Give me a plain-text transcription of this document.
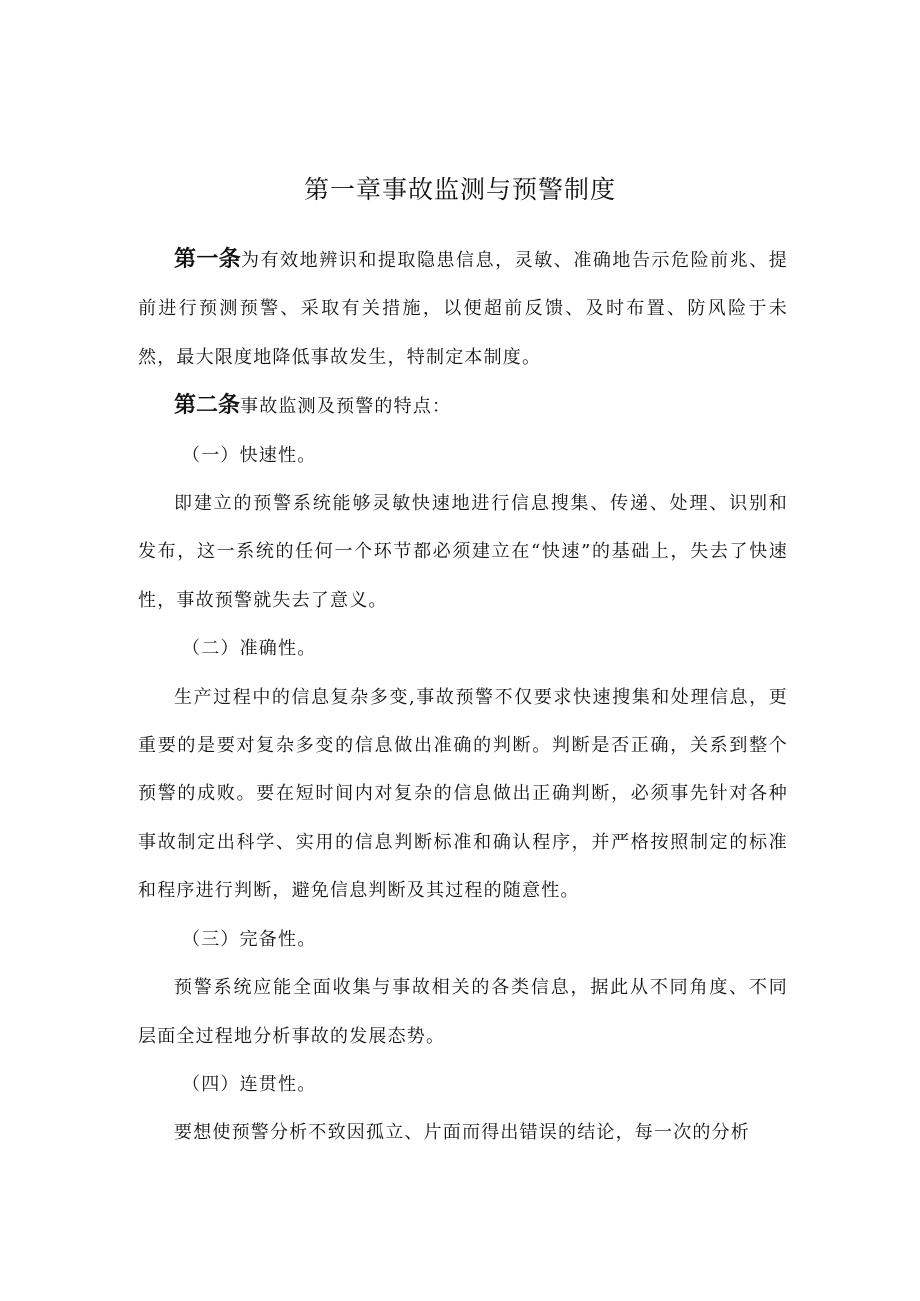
第一章事故监测与预警制度

第一条为有效地辨识和提取隐患信息，灵敏、准确地告示危险前兆、提前进行预测预警、采取有关措施，以便超前反馈、及时布置、防风险于未然，最大限度地降低事故发生，特制定本制度。

第二条事故监测及预警的特点：

（一）快速性。

即建立的预警系统能够灵敏快速地进行信息搜集、传递、处理、识别和发布，这一系统的任何一个环节都必须建立在“快速”的基础上，失去了快速性，事故预警就失去了意义。

（二）准确性。

生产过程中的信息复杂多变,事故预警不仅要求快速搜集和处理信息，更重要的是要对复杂多变的信息做出准确的判断。判断是否正确，关系到整个预警的成败。要在短时间内对复杂的信息做出正确判断，必须事先针对各种事故制定出科学、实用的信息判断标准和确认程序，并严格按照制定的标准和程序进行判断，避免信息判断及其过程的随意性。

（三）完备性。

预警系统应能全面收集与事故相关的各类信息，据此从不同角度、不同层面全过程地分析事故的发展态势。

（四）连贯性。

要想使预警分析不致因孤立、片面而得出错误的结论，每一次的分析
